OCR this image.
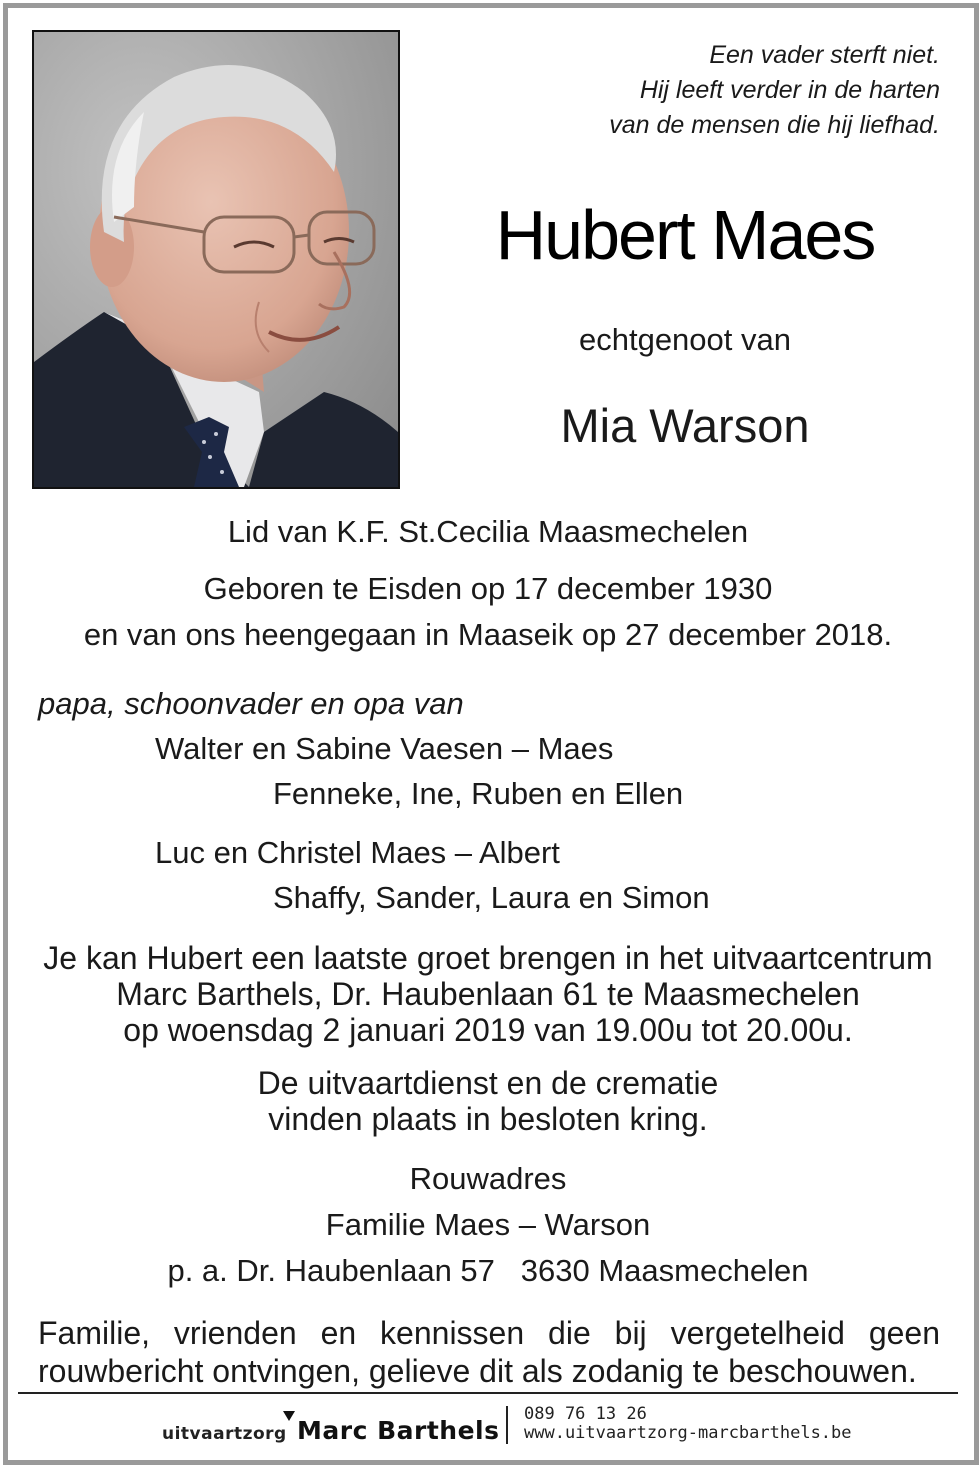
Een vader sterft niet.
Hij leeft verder in de harten
van de mensen die hij liefhad.
Hubert Maes
echtgenoot van
Mia Warson
Lid van K.F. St.Cecilia Maasmechelen
Geboren te Eisden op 17 december 1930
en van ons heengegaan in Maaseik op 27 december 2018.
papa, schoonvader en opa van
Walter en Sabine Vaesen – Maes
Fenneke, Ine, Ruben en Ellen
Luc en Christel Maes – Albert
Shaffy, Sander, Laura en Simon
Je kan Hubert een laatste groet brengen in het uitvaartcentrum
Marc Barthels, Dr. Haubenlaan 61 te Maasmechelen
op woensdag 2 januari 2019 van 19.00u tot 20.00u.
De uitvaartdienst en de crematie
vinden plaats in besloten kring.
Rouwadres
Familie Maes – Warson
p. a. Dr. Haubenlaan 57   3630 Maasmechelen
Familie, vrienden en kennissen die bij vergetelheid geen
rouwbericht ontvingen, gelieve dit als zodanig te beschouwen.
uitvaartzorg Marc Barthels
089 76 13 26
www.uitvaartzorg-marcbarthels.be
